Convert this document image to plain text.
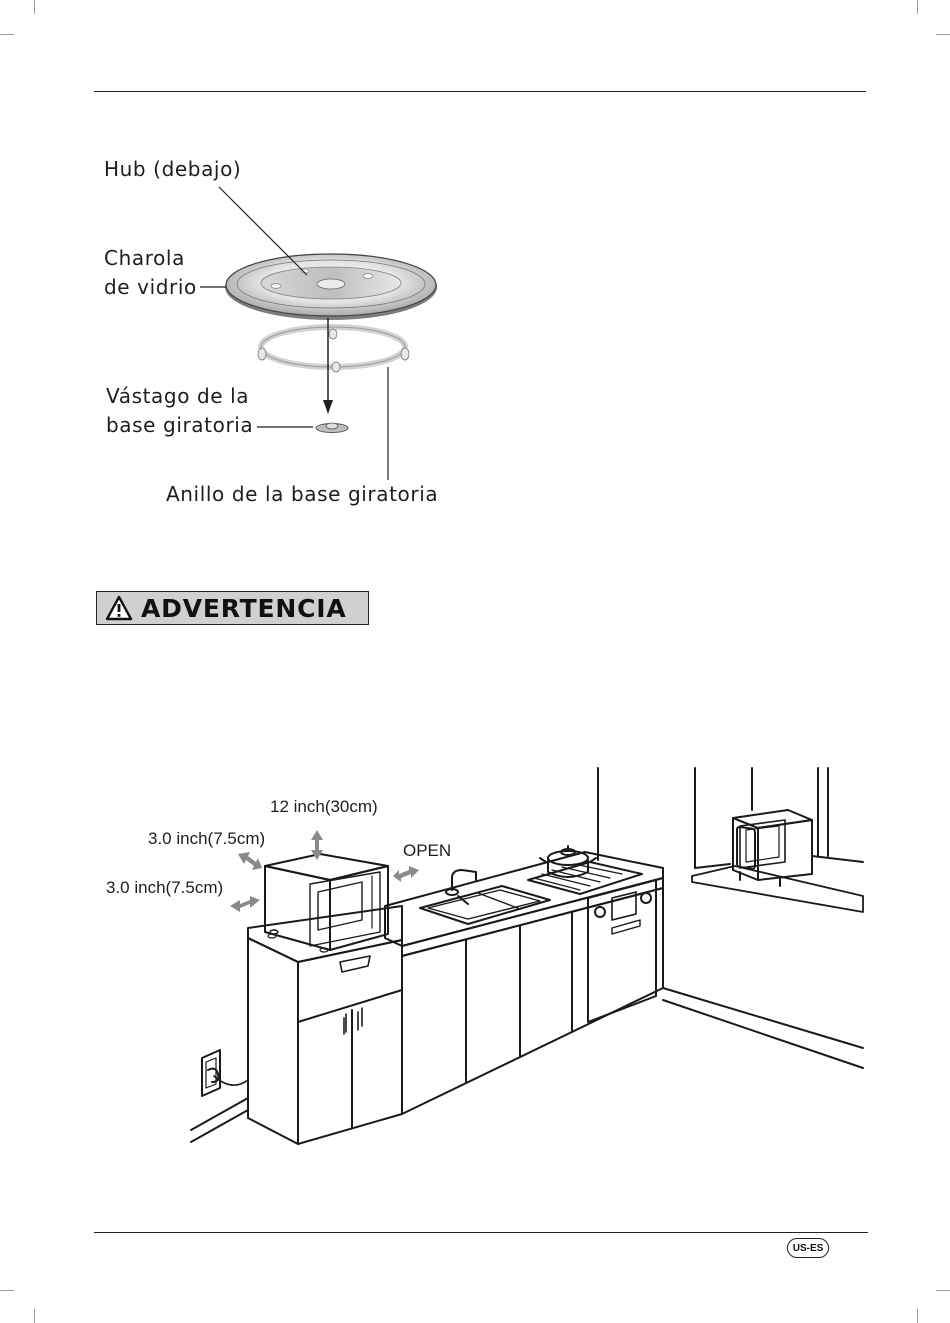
Hub (debajo)
Charola
de vidrio
Vástago de la
base giratoria
Anillo de la base giratoria
ADVERTENCIA
12 inch(30cm)
3.0 inch(7.5cm)
3.0 inch(7.5cm)
OPEN
US-ES
